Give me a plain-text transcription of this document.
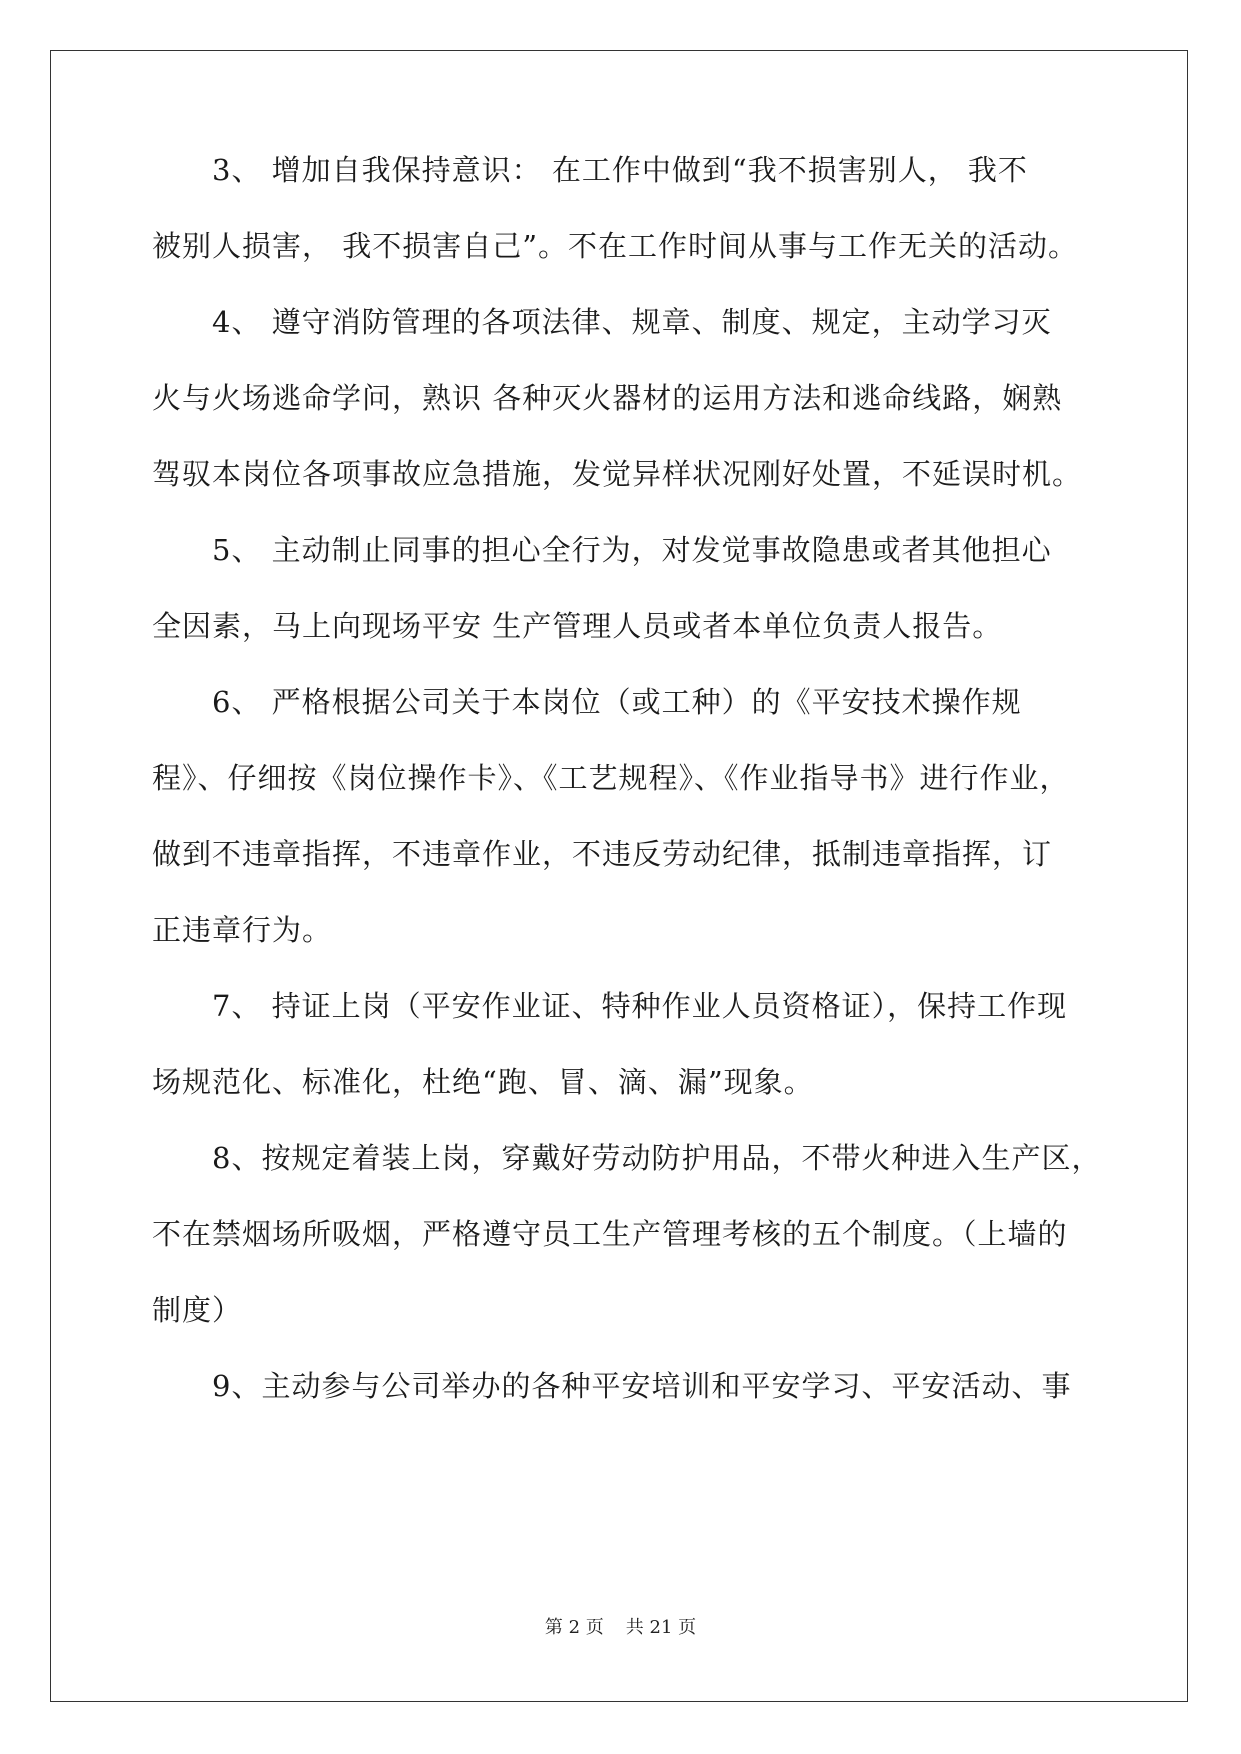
3、 增加自我保持意识： 在工作中做到“我不损害别人， 我不
被别人损害， 我不损害自己”。不在工作时间从事与工作无关的活动。
4、 遵守消防管理的各项法律、规章、制度、规定，主动学习灭
火与火场逃命学问，熟识 各种灭火器材的运用方法和逃命线路，娴熟
驾驭本岗位各项事故应急措施，发觉异样状况刚好处置，不延误时机。
5、 主动制止同事的担心全行为，对发觉事故隐患或者其他担心
全因素，马上向现场平安 生产管理人员或者本单位负责人报告。
6、 严格根据公司关于本岗位（或工种）的《平安技术操作规
程》、仔细按《岗位操作卡》、《工艺规程》、《作业指导书》进行作业，
做到不违章指挥，不违章作业，不违反劳动纪律，抵制违章指挥，订
正违章行为。
7、 持证上岗（平安作业证、特种作业人员资格证），保持工作现
场规范化、标准化，杜绝“跑、冒、滴、漏”现象。
8、按规定着装上岗，穿戴好劳动防护用品，不带火种进入生产区，
不在禁烟场所吸烟，严格遵守员工生产管理考核的五个制度。（上墙的
制度）
9、主动参与公司举办的各种平安培训和平安学习、平安活动、事
第 2 页 共 21 页
